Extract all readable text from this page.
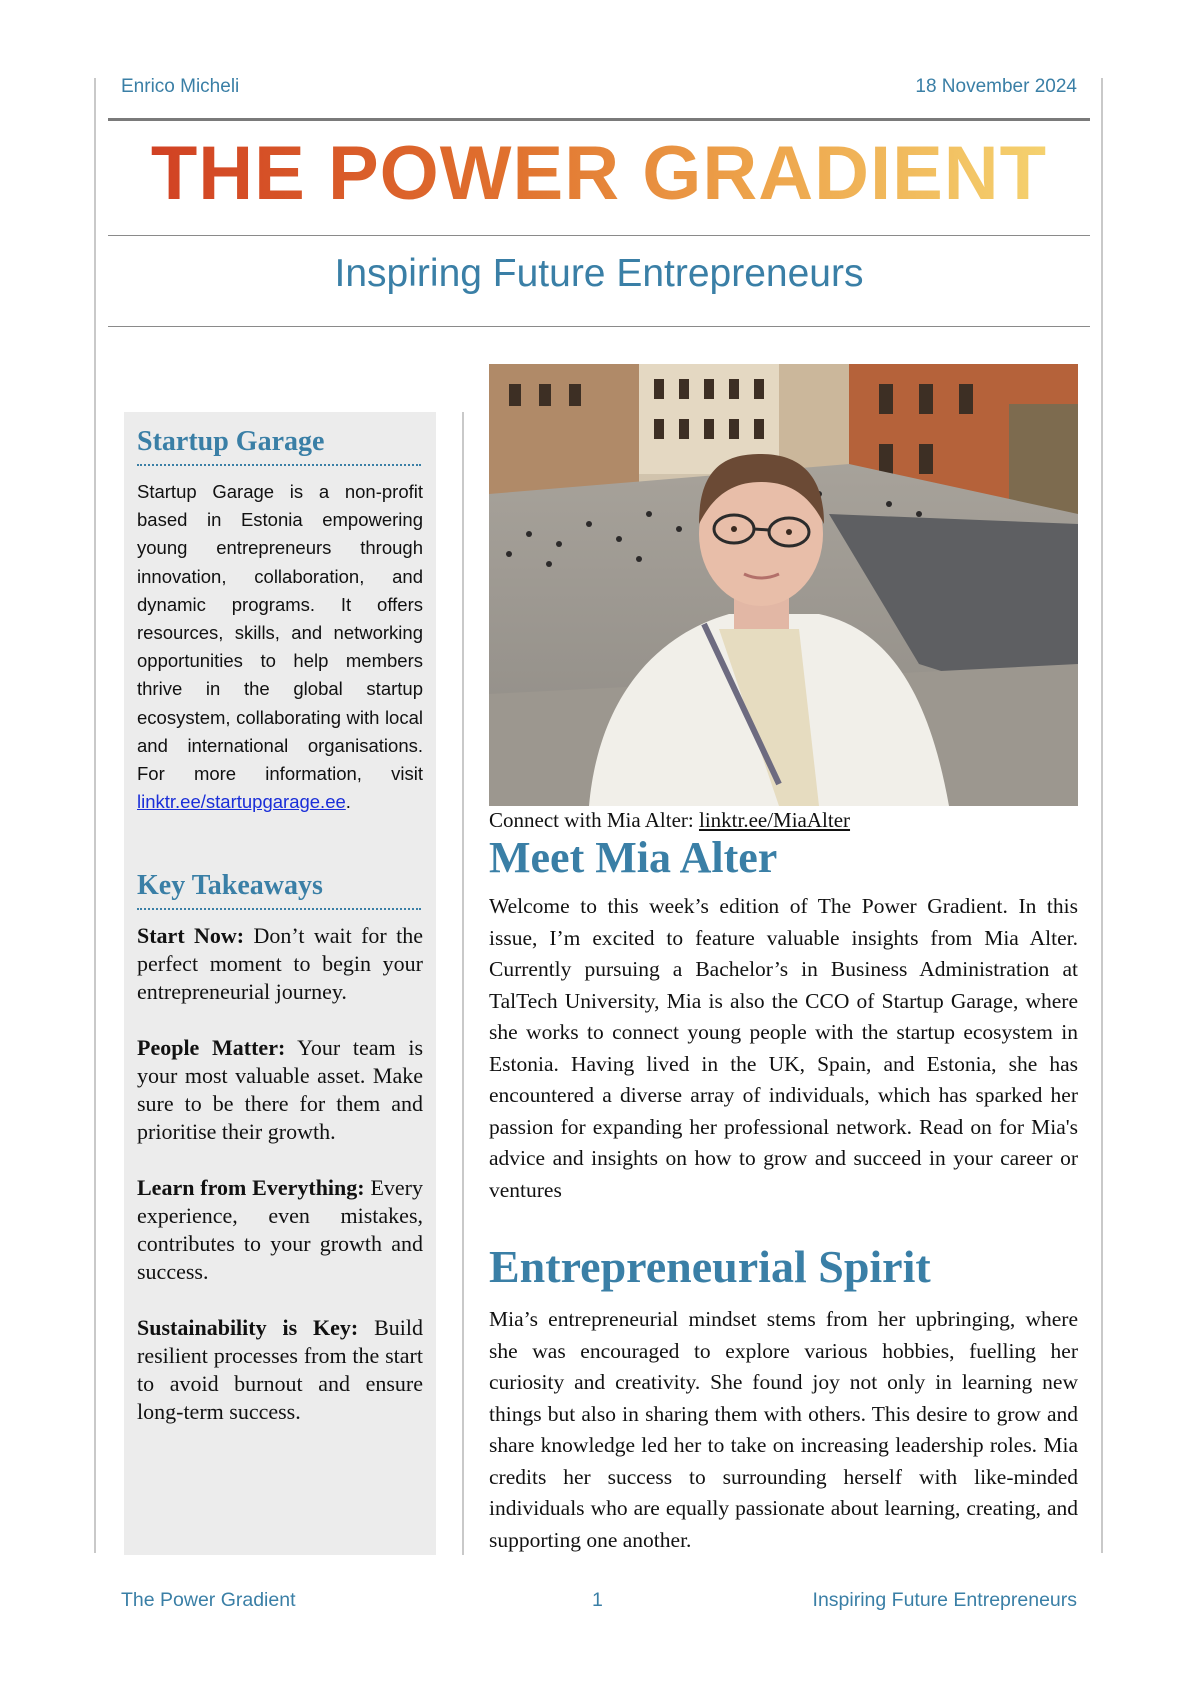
Enrico Micheli	18 November 2024
THE POWER GRADIENT
Inspiring Future Entrepreneurs
Startup Garage

Startup Garage is a non-profit based in Estonia empowering young entrepreneurs through innovation, collaboration, and dynamic programs. It offers resources, skills, and networking opportunities to help members thrive in the global startup ecosystem, collaborating with local and international organisations. For more information, visit linktr.ee/startupgarage.ee.

Key Takeaways

Start Now: Don’t wait for the perfect moment to begin your entrepreneurial journey.

People Matter: Your team is your most valuable asset. Make sure to be there for them and prioritise their growth.

Learn from Everything: Every experience, even mistakes, contributes to your growth and success.

Sustainability is Key: Build resilient processes from the start to avoid burnout and ensure long-term success.

Connect with Mia Alter: linktr.ee/MiaAlter
Meet Mia Alter

Welcome to this week’s edition of The Power Gradient. In this issue, I’m excited to feature valuable insights from Mia Alter. Currently pursuing a Bachelor’s in Business Administration at TalTech University, Mia is also the CCO of Startup Garage, where she works to connect young people with the startup ecosystem in Estonia. Having lived in the UK, Spain, and Estonia, she has encountered a diverse array of individuals, which has sparked her passion for expanding her professional network. Read on for Mia's advice and insights on how to grow and succeed in your career or ventures

Entrepreneurial Spirit

Mia’s entrepreneurial mindset stems from her upbringing, where she was encouraged to explore various hobbies, fuelling her curiosity and creativity. She found joy not only in learning new things but also in sharing them with others. This desire to grow and share knowledge led her to take on increasing leadership roles. Mia credits her success to surrounding herself with like-minded individuals who are equally passionate about learning, creating, and supporting one another.

The Power Gradient	1	Inspiring Future Entrepreneurs
